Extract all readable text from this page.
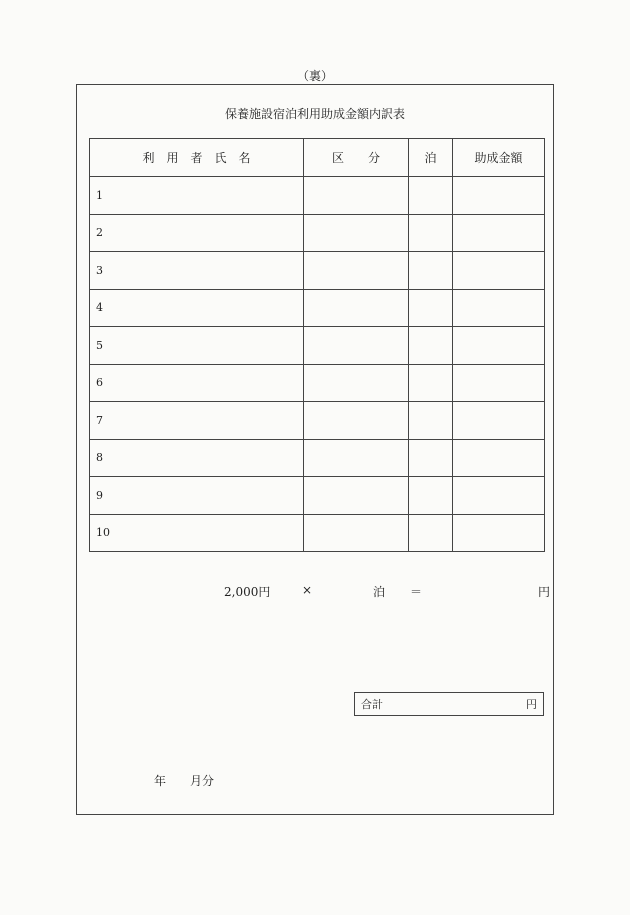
（裏）
保養施設宿泊利用助成金額内訳表
利　用　者　氏　名	区　　分	泊	助成金額
1			
2			
3			
4			
5			
6			
7			
8			
9			
10			
2,000円	×	泊 ＝	円
合計	円
年 月分
